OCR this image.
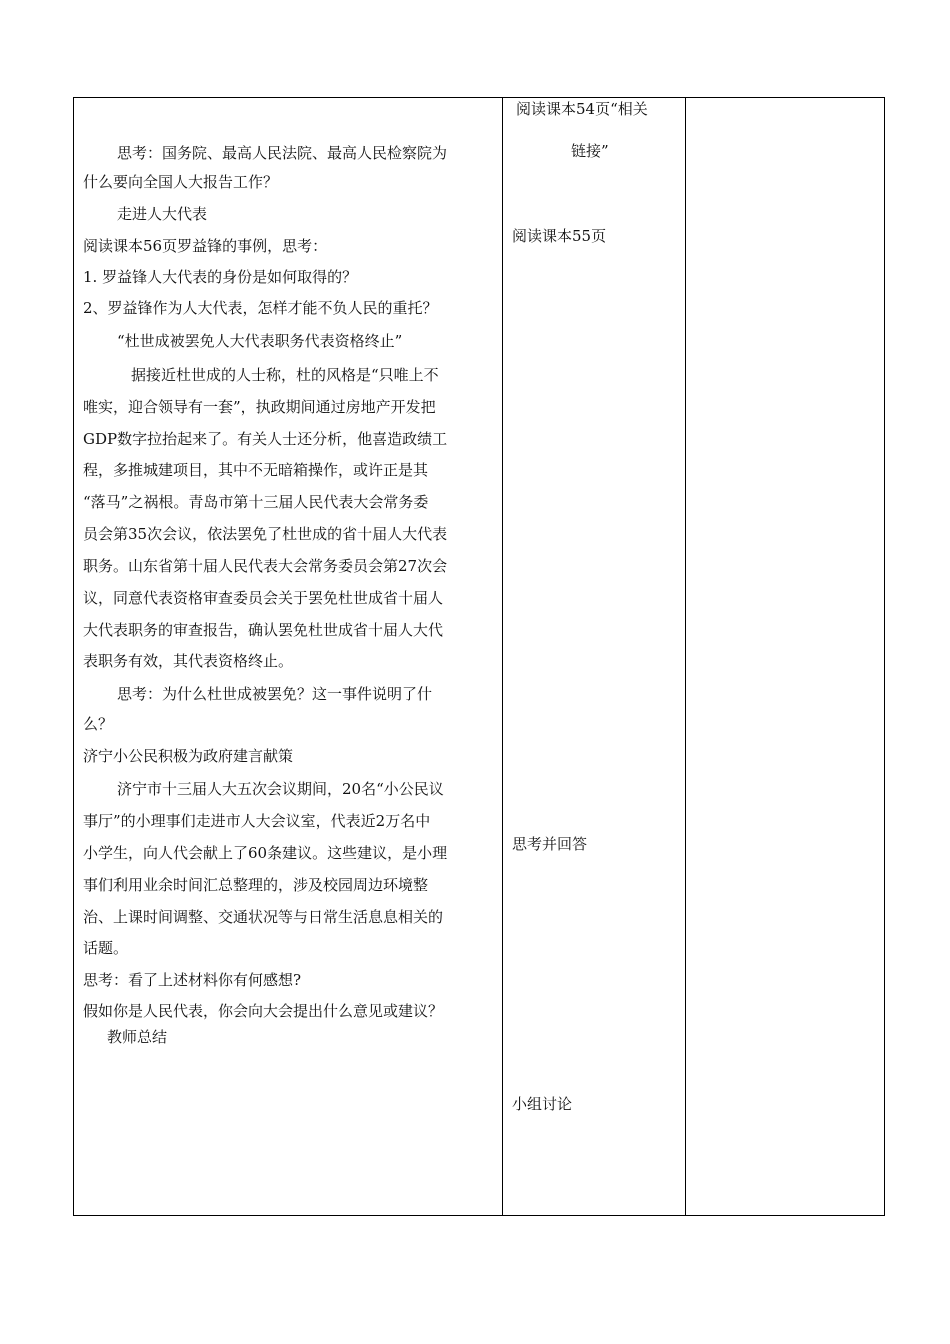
思考：国务院、最高人民法院、最高人民检察院为
什么要向全国人大报告工作？
走进人大代表
阅读课本56页罗益锋的事例，思考：
1. 罗益锋人大代表的身份是如何取得的？
2、罗益锋作为人大代表，怎样才能不负人民的重托？
“杜世成被罢免人大代表职务代表资格终止”
据接近杜世成的人士称，杜的风格是“只唯上不
唯实，迎合领导有一套”，执政期间通过房地产开发把
GDP数字拉抬起来了。有关人士还分析，他喜造政绩工
程，多推城建项目，其中不无暗箱操作，或许正是其
“落马”之祸根。青岛市第十三届人民代表大会常务委
员会第35次会议，依法罢免了杜世成的省十届人大代表
职务。山东省第十届人民代表大会常务委员会第27次会
议，同意代表资格审查委员会关于罢免杜世成省十届人
大代表职务的审查报告，确认罢免杜世成省十届人大代
表职务有效，其代表资格终止。
思考：为什么杜世成被罢免？这一事件说明了什
么？
济宁小公民积极为政府建言献策
济宁市十三届人大五次会议期间，20名“小公民议
事厅”的小理事们走进市人大会议室，代表近2万名中
小学生，向人代会献上了60条建议。这些建议，是小理
事们利用业余时间汇总整理的，涉及校园周边环境整
治、上课时间调整、交通状况等与日常生活息息相关的
话题。
思考：看了上述材料你有何感想?
假如你是人民代表，你会向大会提出什么意见或建议？
教师总结
阅读课本54页“相关
链接”
阅读课本55页
思考并回答
小组讨论
